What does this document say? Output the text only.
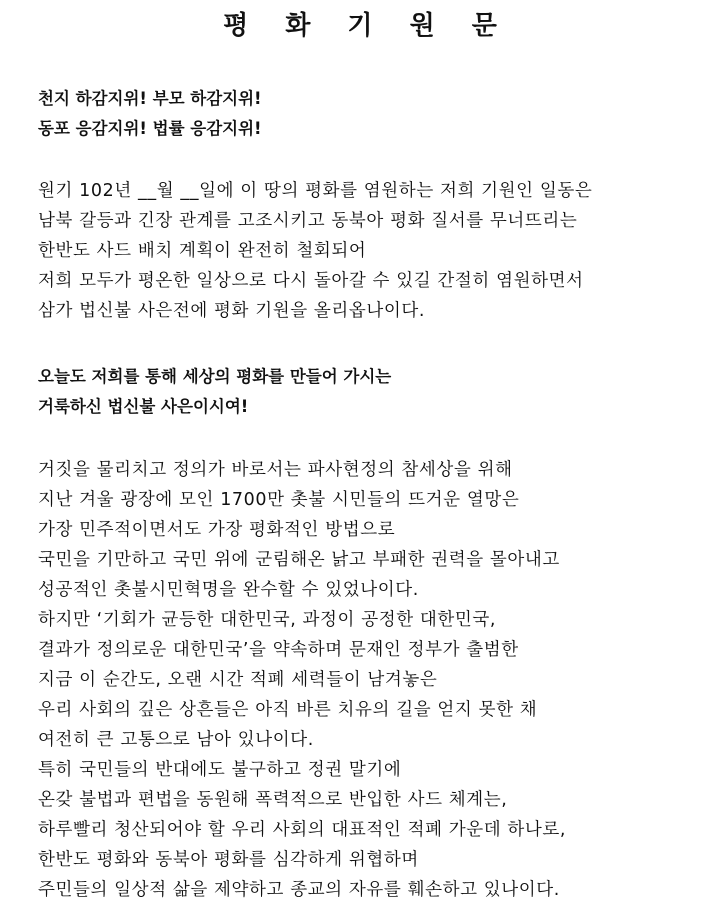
평 화 기 원 문
천지 하감지위! 부모 하감지위!
동포 응감지위! 법률 응감지위!
원기 102년 __월 __일에 이 땅의 평화를 염원하는 저희 기원인 일동은
남북 갈등과 긴장 관계를 고조시키고 동북아 평화 질서를 무너뜨리는
한반도 사드 배치 계획이 완전히 철회되어
저희 모두가 평온한 일상으로 다시 돌아갈 수 있길 간절히 염원하면서
삼가 법신불 사은전에 평화 기원을 올리옵나이다.
오늘도 저희를 통해 세상의 평화를 만들어 가시는
거룩하신 법신불 사은이시여!
거짓을 물리치고 정의가 바로서는 파사현정의 참세상을 위해
지난 겨울 광장에 모인 1700만 촛불 시민들의 뜨거운 열망은
가장 민주적이면서도 가장 평화적인 방법으로
국민을 기만하고 국민 위에 군림해온 낡고 부패한 권력을 몰아내고
성공적인 촛불시민혁명을 완수할 수 있었나이다.
하지만 ‘기회가 균등한 대한민국, 과정이 공정한 대한민국,
결과가 정의로운 대한민국’을 약속하며 문재인 정부가 출범한
지금 이 순간도, 오랜 시간 적폐 세력들이 남겨놓은
우리 사회의 깊은 상흔들은 아직 바른 치유의 길을 얻지 못한 채
여전히 큰 고통으로 남아 있나이다.
특히 국민들의 반대에도 불구하고 정권 말기에
온갖 불법과 편법을 동원해 폭력적으로 반입한 사드 체계는,
하루빨리 청산되어야 할 우리 사회의 대표적인 적폐 가운데 하나로,
한반도 평화와 동북아 평화를 심각하게 위협하며
주민들의 일상적 삶을 제약하고 종교의 자유를 훼손하고 있나이다.
